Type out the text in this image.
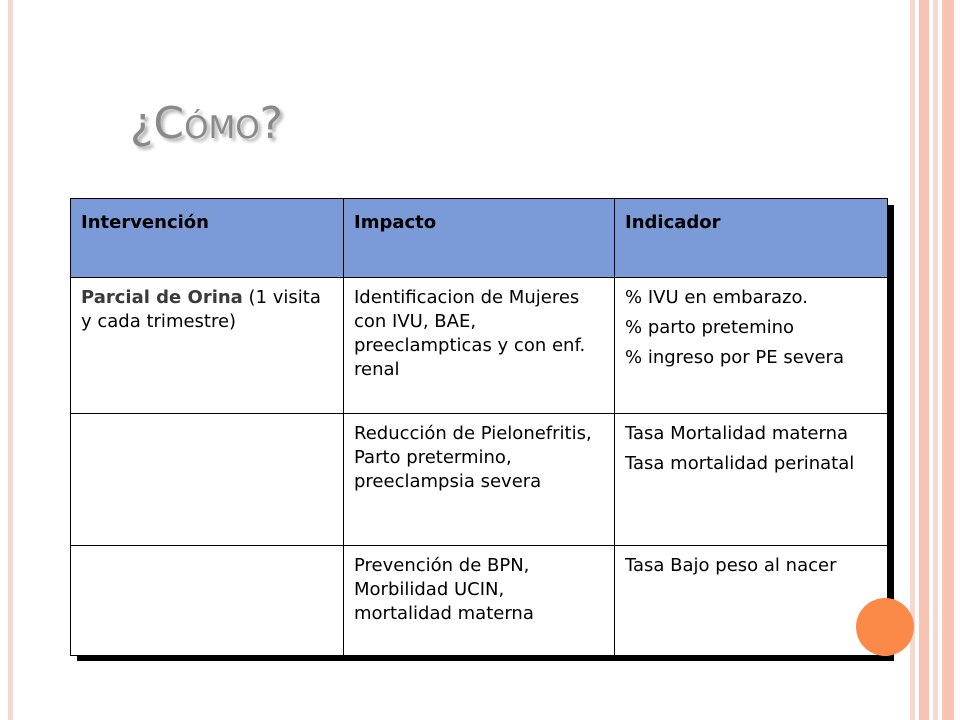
¿Cómo?
Intervención	Impacto	Indicador
Parcial de Orina (1 visita y cada trimestre)	Identificacion de Mujeres con IVU, BAE, preeclampticas y con enf. renal	% IVU en embarazo.
% parto pretemino
% ingreso por PE severa

	Reducción de Pielonefritis, Parto pretermino, preeclampsia severa	Tasa Mortalidad materna
Tasa mortalidad perinatal

	Prevención de BPN, Morbilidad UCIN, mortalidad materna	Tasa Bajo peso al nacer
